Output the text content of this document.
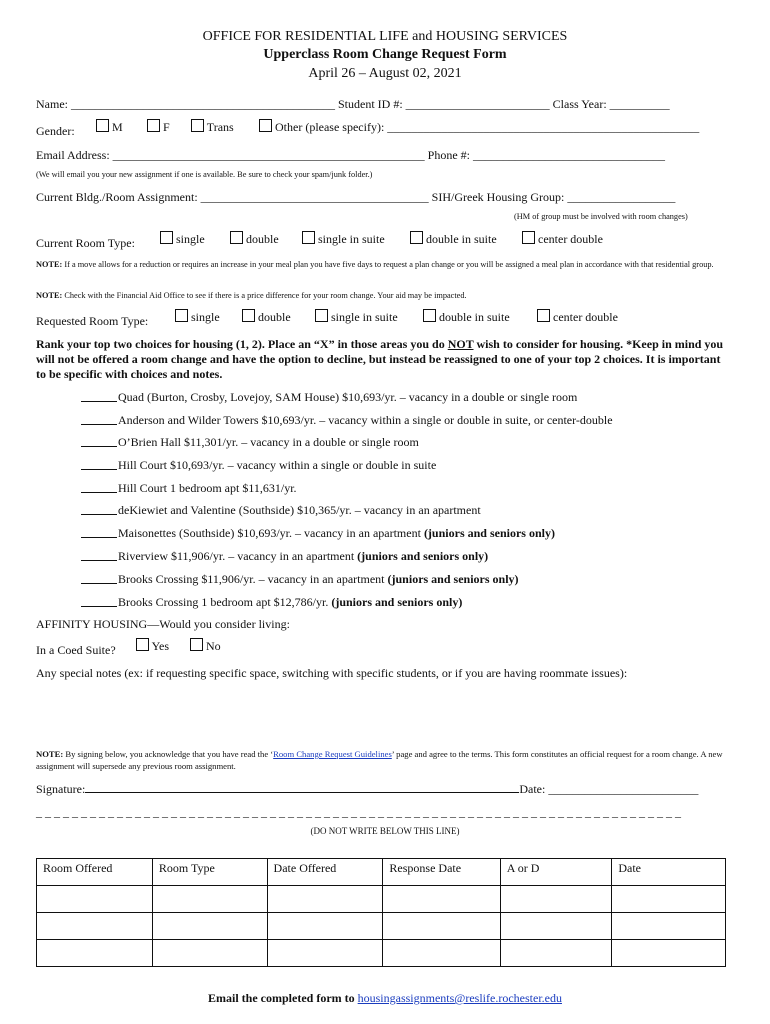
OFFICE FOR RESIDENTIAL LIFE and HOUSING SERVICES
Upperclass Room Change Request Form
April 26 – August 02, 2021
Name: ____________________________________________ Student ID #: ________________________ Class Year: __________
Gender:	M	F	Trans	Other (please specify): ____________________________________________________
Email Address: ____________________________________________________ Phone #: ________________________________
(We will email you your new assignment if one is available. Be sure to check your spam/junk folder.)
Current Bldg./Room Assignment: ______________________________________ SIH/Greek Housing Group: __________________
(HM of group must be involved with room changes)
Current Room Type:	single	double	single in suite	double in suite	center double
NOTE: If a move allows for a reduction or requires an increase in your meal plan you have five days to request a plan change or you will be assigned a meal plan in accordance with that residential group.
NOTE: Check with the Financial Aid Office to see if there is a price difference for your room change. Your aid may be impacted.
Requested Room Type:	single	double	single in suite	double in suite	center double
Rank your top two choices for housing (1, 2). Place an “X” in those areas you do NOT wish to consider for housing. *Keep in mind you will not be offered a room change and have the option to decline, but instead be reassigned to one of your top 2 choices. It is important to be specific with choices and notes.
Quad (Burton, Crosby, Lovejoy, SAM House) $10,693/yr. – vacancy in a double or single room
Anderson and Wilder Towers $10,693/yr. – vacancy within a single or double in suite, or center-double
O’Brien Hall $11,301/yr. – vacancy in a double or single room
Hill Court $10,693/yr. – vacancy within a single or double in suite
Hill Court 1 bedroom apt $11,631/yr.
deKiewiet and Valentine (Southside) $10,365/yr. – vacancy in an apartment
Maisonettes (Southside) $10,693/yr. – vacancy in an apartment (juniors and seniors only)
Riverview $11,906/yr. – vacancy in an apartment (juniors and seniors only)
Brooks Crossing $11,906/yr. – vacancy in an apartment (juniors and seniors only)
Brooks Crossing 1 bedroom apt $12,786/yr. (juniors and seniors only)
AFFINITY HOUSING—Would you consider living:
In a Coed Suite?	Yes	No
Any special notes (ex: if requesting specific space, switching with specific students, or if you are having roommate issues):
NOTE: By signing below, you acknowledge that you have read the ‘Room Change Request Guidelines’ page and agree to the terms. This form constitutes an official request for a room change. A new assignment will supersede any previous room assignment.
Signature:	Date: _________________________
_ _ _ _ _ _ _ _ _ _ _ _ _ _ _ _ _ _ _ _ _ _ _ _ _ _ _ _ _ _ _ _ _ _ _ _ _ _ _ _ _ _ _ _ _ _ _ _ _ _ _ _ _ _ _ _ _ _ _ _ _ _ _ _ _ _ _ _ _ _ _ _
(DO NOT WRITE BELOW THIS LINE)
Room Offered	Room Type	Date Offered	Response Date	A or D	Date

Email the completed form to housingassignments@reslife.rochester.edu
